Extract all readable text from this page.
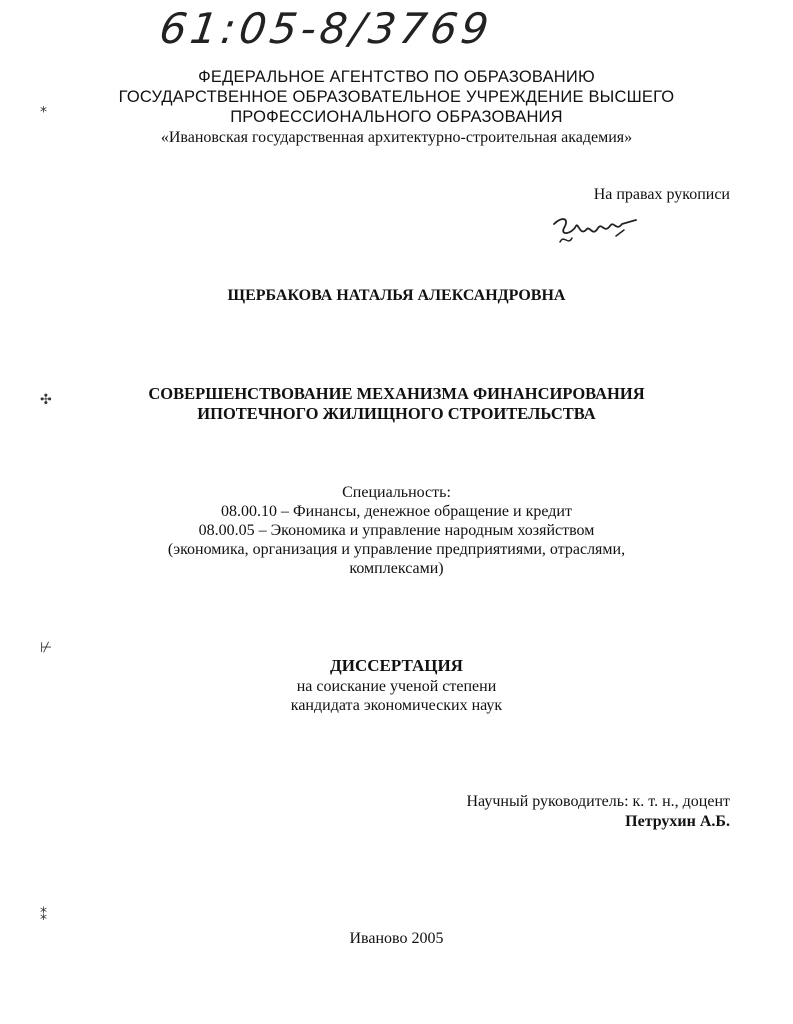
61:05-8/3769
⁎
✣
⊬
⁑
ФЕДЕРАЛЬНОЕ АГЕНТСТВО ПО ОБРАЗОВАНИЮ
ГОСУДАРСТВЕННОЕ ОБРАЗОВАТЕЛЬНОЕ УЧРЕЖДЕНИЕ ВЫСШЕГО
ПРОФЕССИОНАЛЬНОГО ОБРАЗОВАНИЯ
«Ивановская государственная архитектурно-строительная академия»
На правах рукописи
ЩЕРБАКОВА НАТАЛЬЯ АЛЕКСАНДРОВНА
СОВЕРШЕНСТВОВАНИЕ МЕХАНИЗМА ФИНАНСИРОВАНИЯ
ИПОТЕЧНОГО ЖИЛИЩНОГО СТРОИТЕЛЬСТВА
Специальность:
08.00.10 – Финансы, денежное обращение и кредит
08.00.05 – Экономика и управление народным хозяйством
(экономика, организация и управление предприятиями, отраслями,
комплексами)
ДИССЕРТАЦИЯ
на соискание ученой степени
кандидата экономических наук
Научный руководитель: к. т. н., доцент
Петрухин А.Б.
Иваново 2005
